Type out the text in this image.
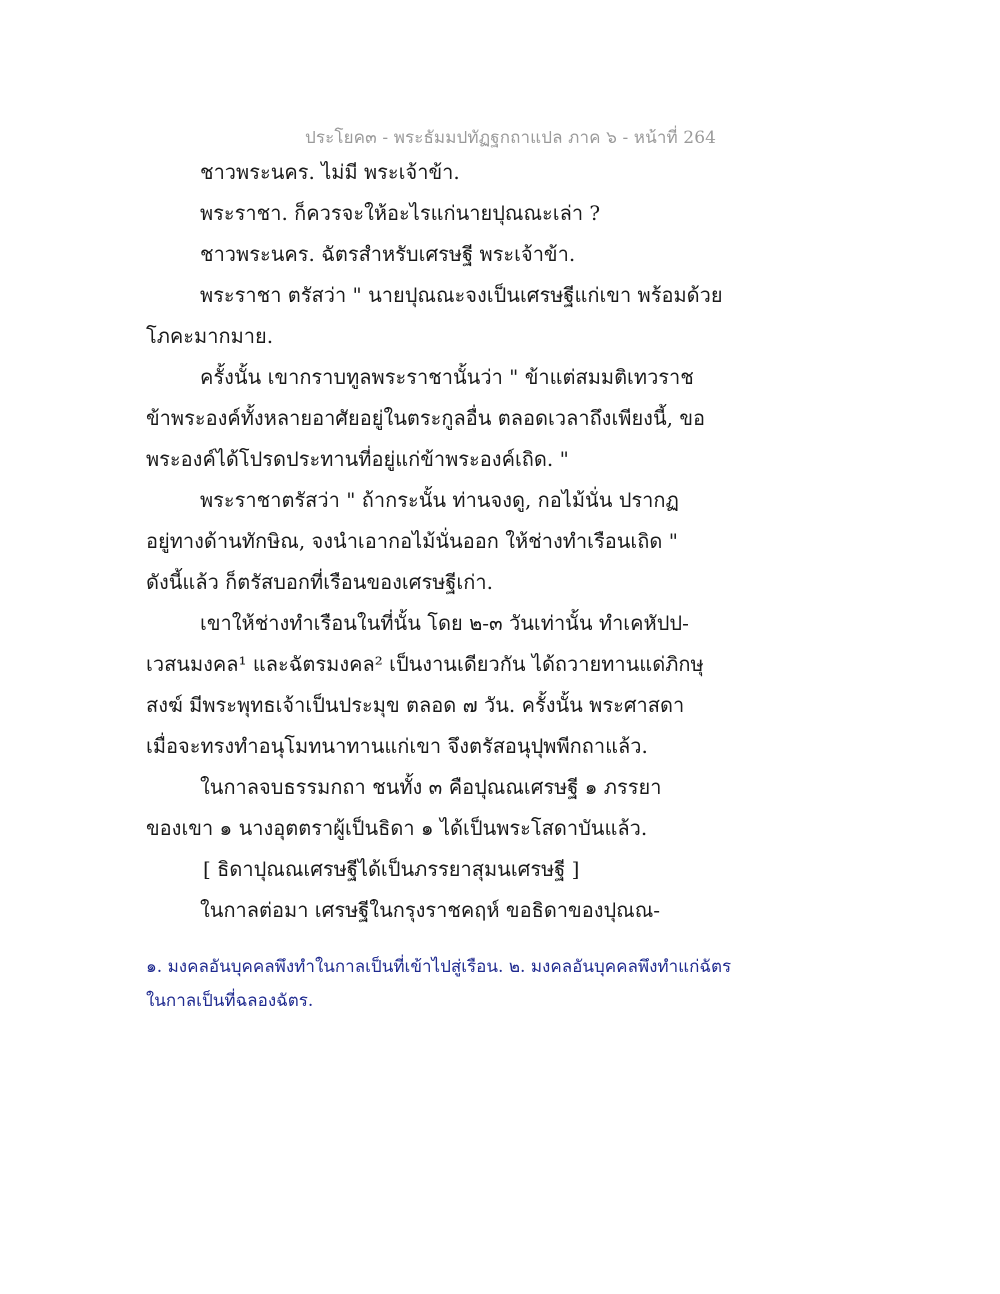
ประโยค๓ - พระธัมมปทัฏฐกถาแปล ภาค ๖ - หน้าที่ 264
ชาวพระนคร. ไม่มี พระเจ้าข้า.
พระราชา. ก็ควรจะให้อะไรแก่นายปุณณะเล่า ?
ชาวพระนคร. ฉัตรสำหรับเศรษฐี พระเจ้าข้า.
พระราชา ตรัสว่า " นายปุณณะจงเป็นเศรษฐีแก่เขา พร้อมด้วย
โภคะมากมาย.
ครั้งนั้น เขากราบทูลพระราชานั้นว่า " ข้าแต่สมมติเทวราช
ข้าพระองค์ทั้งหลายอาศัยอยู่ในตระกูลอื่น ตลอดเวลาถึงเพียงนี้, ขอ
พระองค์ได้โปรดประทานที่อยู่แก่ข้าพระองค์เถิด. "
พระราชาตรัสว่า " ถ้ากระนั้น ท่านจงดู, กอไม้นั่น ปรากฏ
อยู่ทางด้านทักษิณ, จงนำเอากอไม้นั่นออก ให้ช่างทำเรือนเถิด "
ดังนี้แล้ว ก็ตรัสบอกที่เรือนของเศรษฐีเก่า.
เขาให้ช่างทำเรือนในที่นั้น โดย ๒-๓ วันเท่านั้น ทำเคหัปป-
เวสนมงคล¹ และฉัตรมงคล² เป็นงานเดียวกัน ได้ถวายทานแด่ภิกษุ
สงฆ์ มีพระพุทธเจ้าเป็นประมุข ตลอด ๗ วัน. ครั้งนั้น พระศาสดา
เมื่อจะทรงทำอนุโมทนาทานแก่เขา จึงตรัสอนุปุพพีกถาแล้ว.
ในกาลจบธรรมกถา ชนทั้ง ๓ คือปุณณเศรษฐี ๑ ภรรยา
ของเขา ๑ นางอุตตราผู้เป็นธิดา ๑ ได้เป็นพระโสดาบันแล้ว.
[ ธิดาปุณณเศรษฐีได้เป็นภรรยาสุมนเศรษฐี ]
ในกาลต่อมา เศรษฐีในกรุงราชคฤห์ ขอธิดาของปุณณ-
๑. มงคลอันบุคคลพึงทำในกาลเป็นที่เข้าไปสู่เรือน. ๒. มงคลอันบุคคลพึงทำแก่ฉัตร
ในกาลเป็นที่ฉลองฉัตร.
